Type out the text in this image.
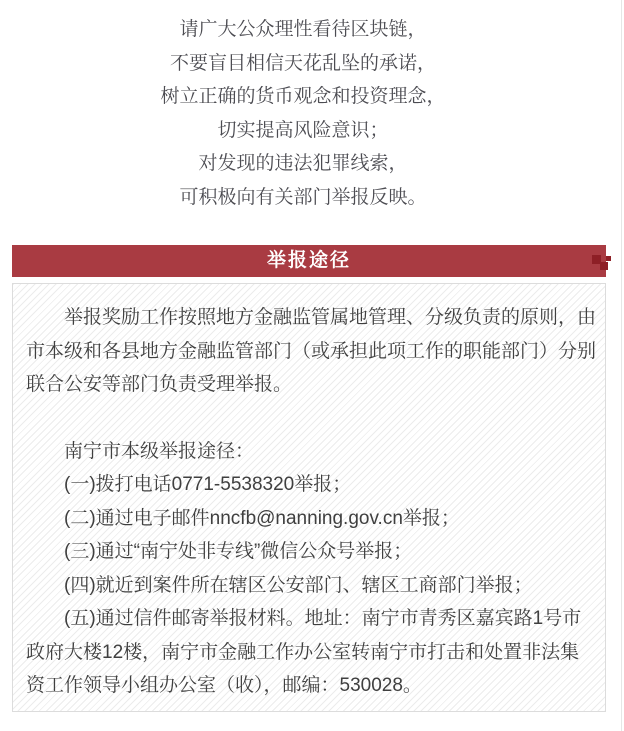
请广大公众理性看待区块链，
不要盲目相信天花乱坠的承诺，
树立正确的货币观念和投资理念，
切实提高风险意识；
对发现的违法犯罪线索，
可积极向有关部门举报反映。
举报途径
举报奖励工作按照地方金融监管属地管理、分级负责的原则，由
市本级和各县地方金融监管部门（或承担此项工作的职能部门）分别
联合公安等部门负责受理举报。
南宁市本级举报途径：
(一)拨打电话0771-5538320举报；
(二)通过电子邮件nncfb@nanning.gov.cn举报；
(三)通过“南宁处非专线”微信公众号举报；
(四)就近到案件所在辖区公安部门、辖区工商部门举报；
(五)通过信件邮寄举报材料。地址：南宁市青秀区嘉宾路1号市
政府大楼12楼，南宁市金融工作办公室转南宁市打击和处置非法集
资工作领导小组办公室（收），邮编：530028。
